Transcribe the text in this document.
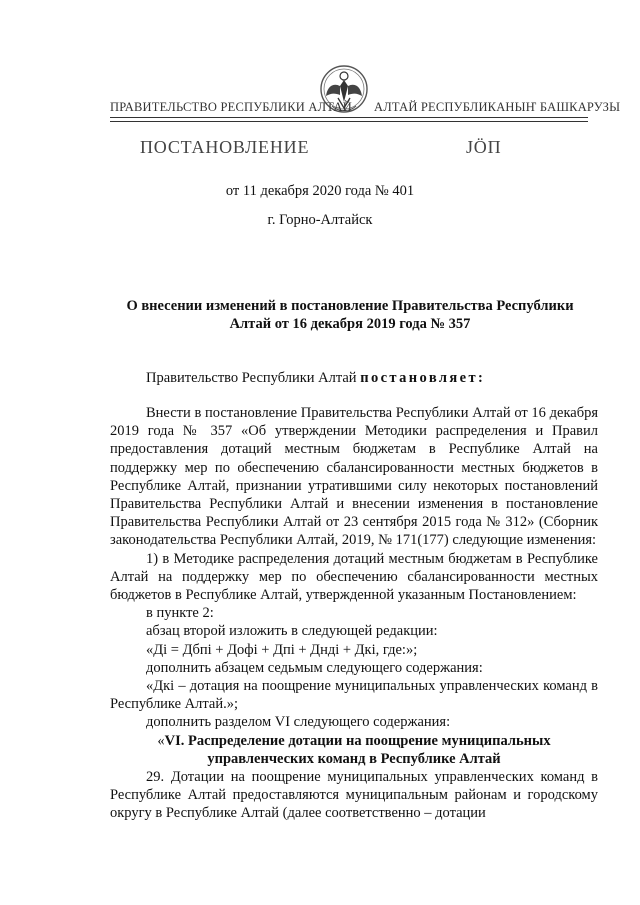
ПРАВИТЕЛЬСТВО РЕСПУБЛИКИ АЛТАЙ АЛТАЙ РЕСПУБЛИКАНЫҤ БАШКАРУЗЫ
ПОСТАНОВЛЕНИЕ	ЈӦП
от 11 декабря 2020 года № 401
г. Горно-Алтайск
О внесении изменений в постановление Правительства Республики Алтай от 16 декабря 2019 года № 357
Правительство Республики Алтай постановляет:

Внести в постановление Правительства Республики Алтай от 16 декабря 2019 года № 357 «Об утверждении Методики распределения и Правил предоставления дотаций местным бюджетам в Республике Алтай на поддержку мер по обеспечению сбалансированности местных бюджетов в Республике Алтай, признании утратившими силу некоторых постановлений Правительства Республики Алтай и внесении изменения в постановление Правительства Республики Алтай от 23 сентября 2015 года № 312» (Сборник законодательства Республики Алтай, 2019, № 171(177) следующие изменения:

1) в Методике распределения дотаций местным бюджетам в Республике Алтай на поддержку мер по обеспечению сбалансированности местных бюджетов в Республике Алтай, утвержденной указанным Постановлением:

в пункте 2:

абзац второй изложить в следующей редакции:

«Дi = Дбпi + Дофi + Дпi + Днді + Дкi, где:»;

дополнить абзацем седьмым следующего содержания:

«Дкi – дотация на поощрение муниципальных управленческих команд в Республике Алтай.»;

дополнить разделом VI следующего содержания:

«VI. Распределение дотации на поощрение муниципальных управленческих команд в Республике Алтай

29. Дотации на поощрение муниципальных управленческих команд в Республике Алтай предоставляются муниципальным районам и городскому округу в Республике Алтай (далее соответственно – дотации
